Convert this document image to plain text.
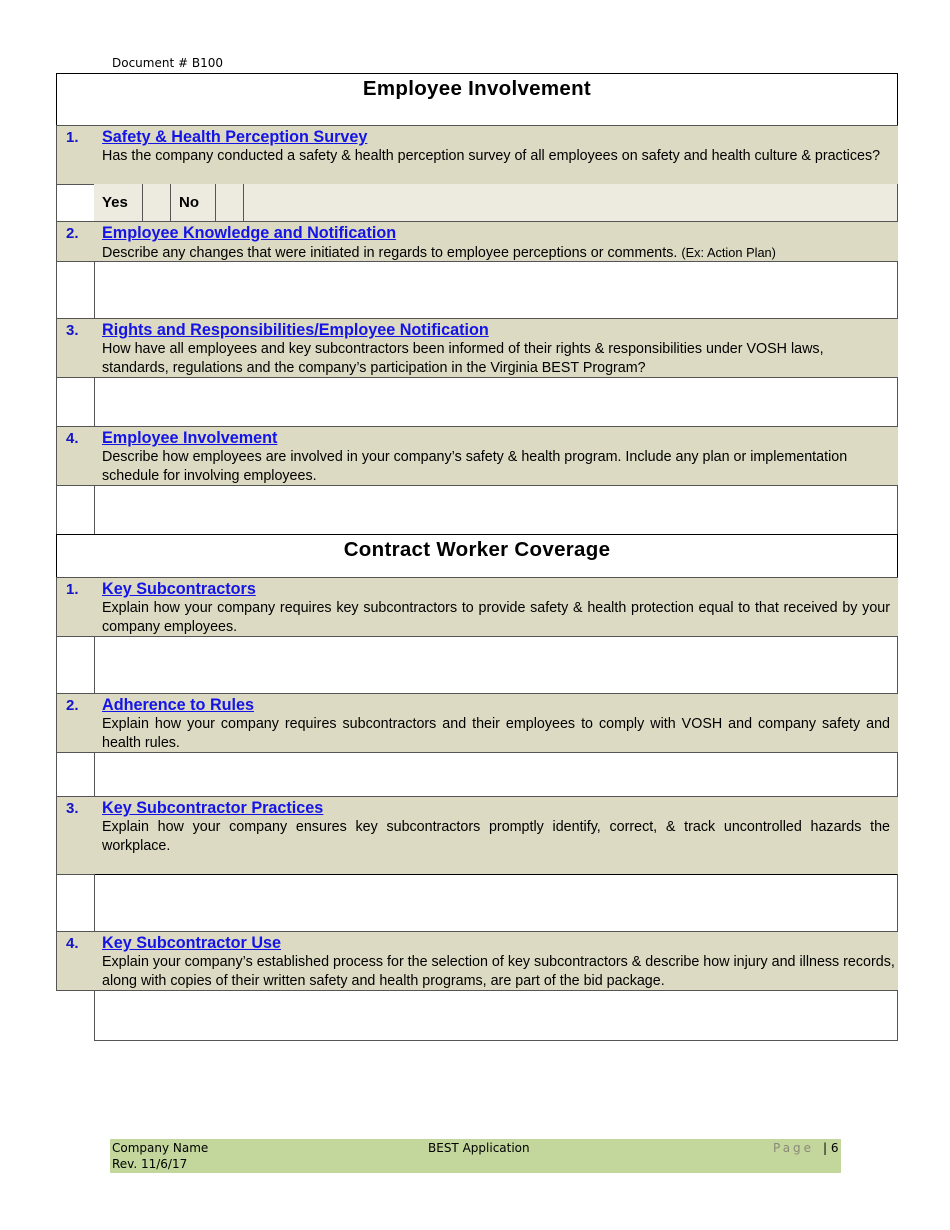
Document # B100
Employee Involvement
1.	Safety & Health Perception Survey
Has the company conducted a safety & health perception survey of all employees on safety and health culture & practices?
Yes	No
2.	Employee Knowledge and Notification
Describe any changes that were initiated in regards to employee perceptions or comments. (Ex: Action Plan)
3.	Rights and Responsibilities/Employee Notification
How have all employees and key subcontractors been informed of their rights & responsibilities under VOSH laws, standards, regulations and the company’s participation in the Virginia BEST Program?
4.	Employee Involvement
Describe how employees are involved in your company’s safety & health program. Include any plan or implementation schedule for involving employees.
Contract Worker Coverage
1.	Key Subcontractors
Explain how your company requires key subcontractors to provide safety & health protection equal to that received by your company employees.
2.	Adherence to Rules
Explain how your company requires subcontractors and their employees to comply with VOSH and company safety and health rules.
3.	Key Subcontractor Practices
Explain how your company ensures key subcontractors promptly identify, correct, & track uncontrolled hazards the workplace.
4.	Key Subcontractor Use
Explain your company’s established process for the selection of key subcontractors & describe how injury and illness records, along with copies of their written safety and health programs, are part of the bid package.
Company Name
Rev. 11/6/17
BEST Application	Page | 6
